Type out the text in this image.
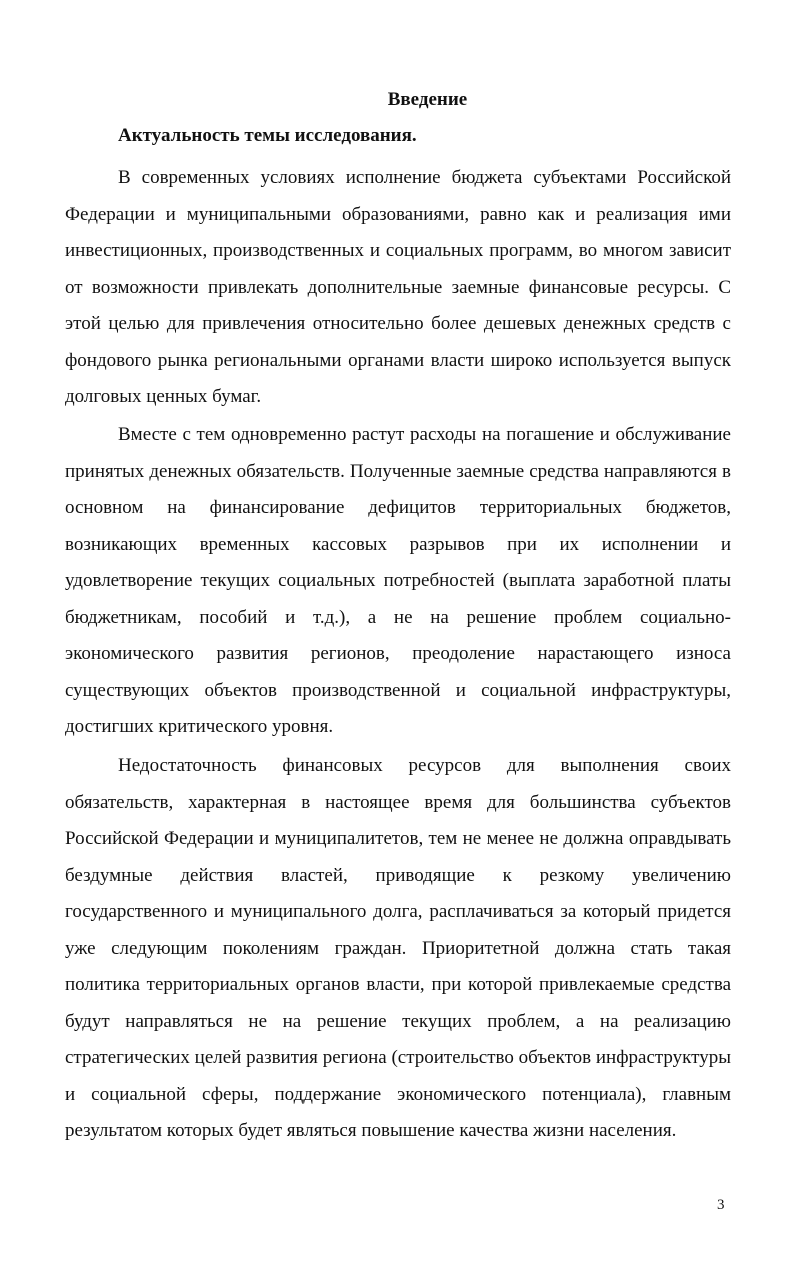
Введение
Актуальность темы исследования.

В современных условиях исполнение бюджета субъектами Российской Федерации и муниципальными образованиями, равно как и реализация ими инвестиционных, производственных и социальных программ, во многом зависит от возможности привлекать дополнительные заемные финансовые ресурсы. С этой целью для привлечения относительно более дешевых денежных средств с фондового рынка региональными органами власти широко используется выпуск долговых ценных бумаг.

Вместе с тем одновременно растут расходы на погашение и обслуживание принятых денежных обязательств. Полученные заемные средства направляются в основном на финансирование дефицитов территориальных бюджетов, возникающих временных кассовых разрывов при их исполнении и удовлетворение текущих социальных потребностей (выплата заработной платы бюджетникам, пособий и т.д.), а не на решение проблем социально-экономического развития регионов, преодоление нарастающего износа существующих объектов производственной и социальной инфраструктуры, достигших критического уровня.

Недостаточность финансовых ресурсов для выполнения своих обязательств, характерная в настоящее время для большинства субъектов Российской Федерации и муниципалитетов, тем не менее не должна оправдывать бездумные действия властей, приводящие к резкому увеличению государственного и муниципального долга, расплачиваться за который придется уже следующим поколениям граждан. Приоритетной должна стать такая политика территориальных органов власти, при которой привлекаемые средства будут направляться не на решение текущих проблем, а на реализацию стратегических целей развития региона (строительство объектов инфраструктуры и социальной сферы, поддержание экономического потенциала), главным результатом которых будет являться повышение качества жизни населения.

3
